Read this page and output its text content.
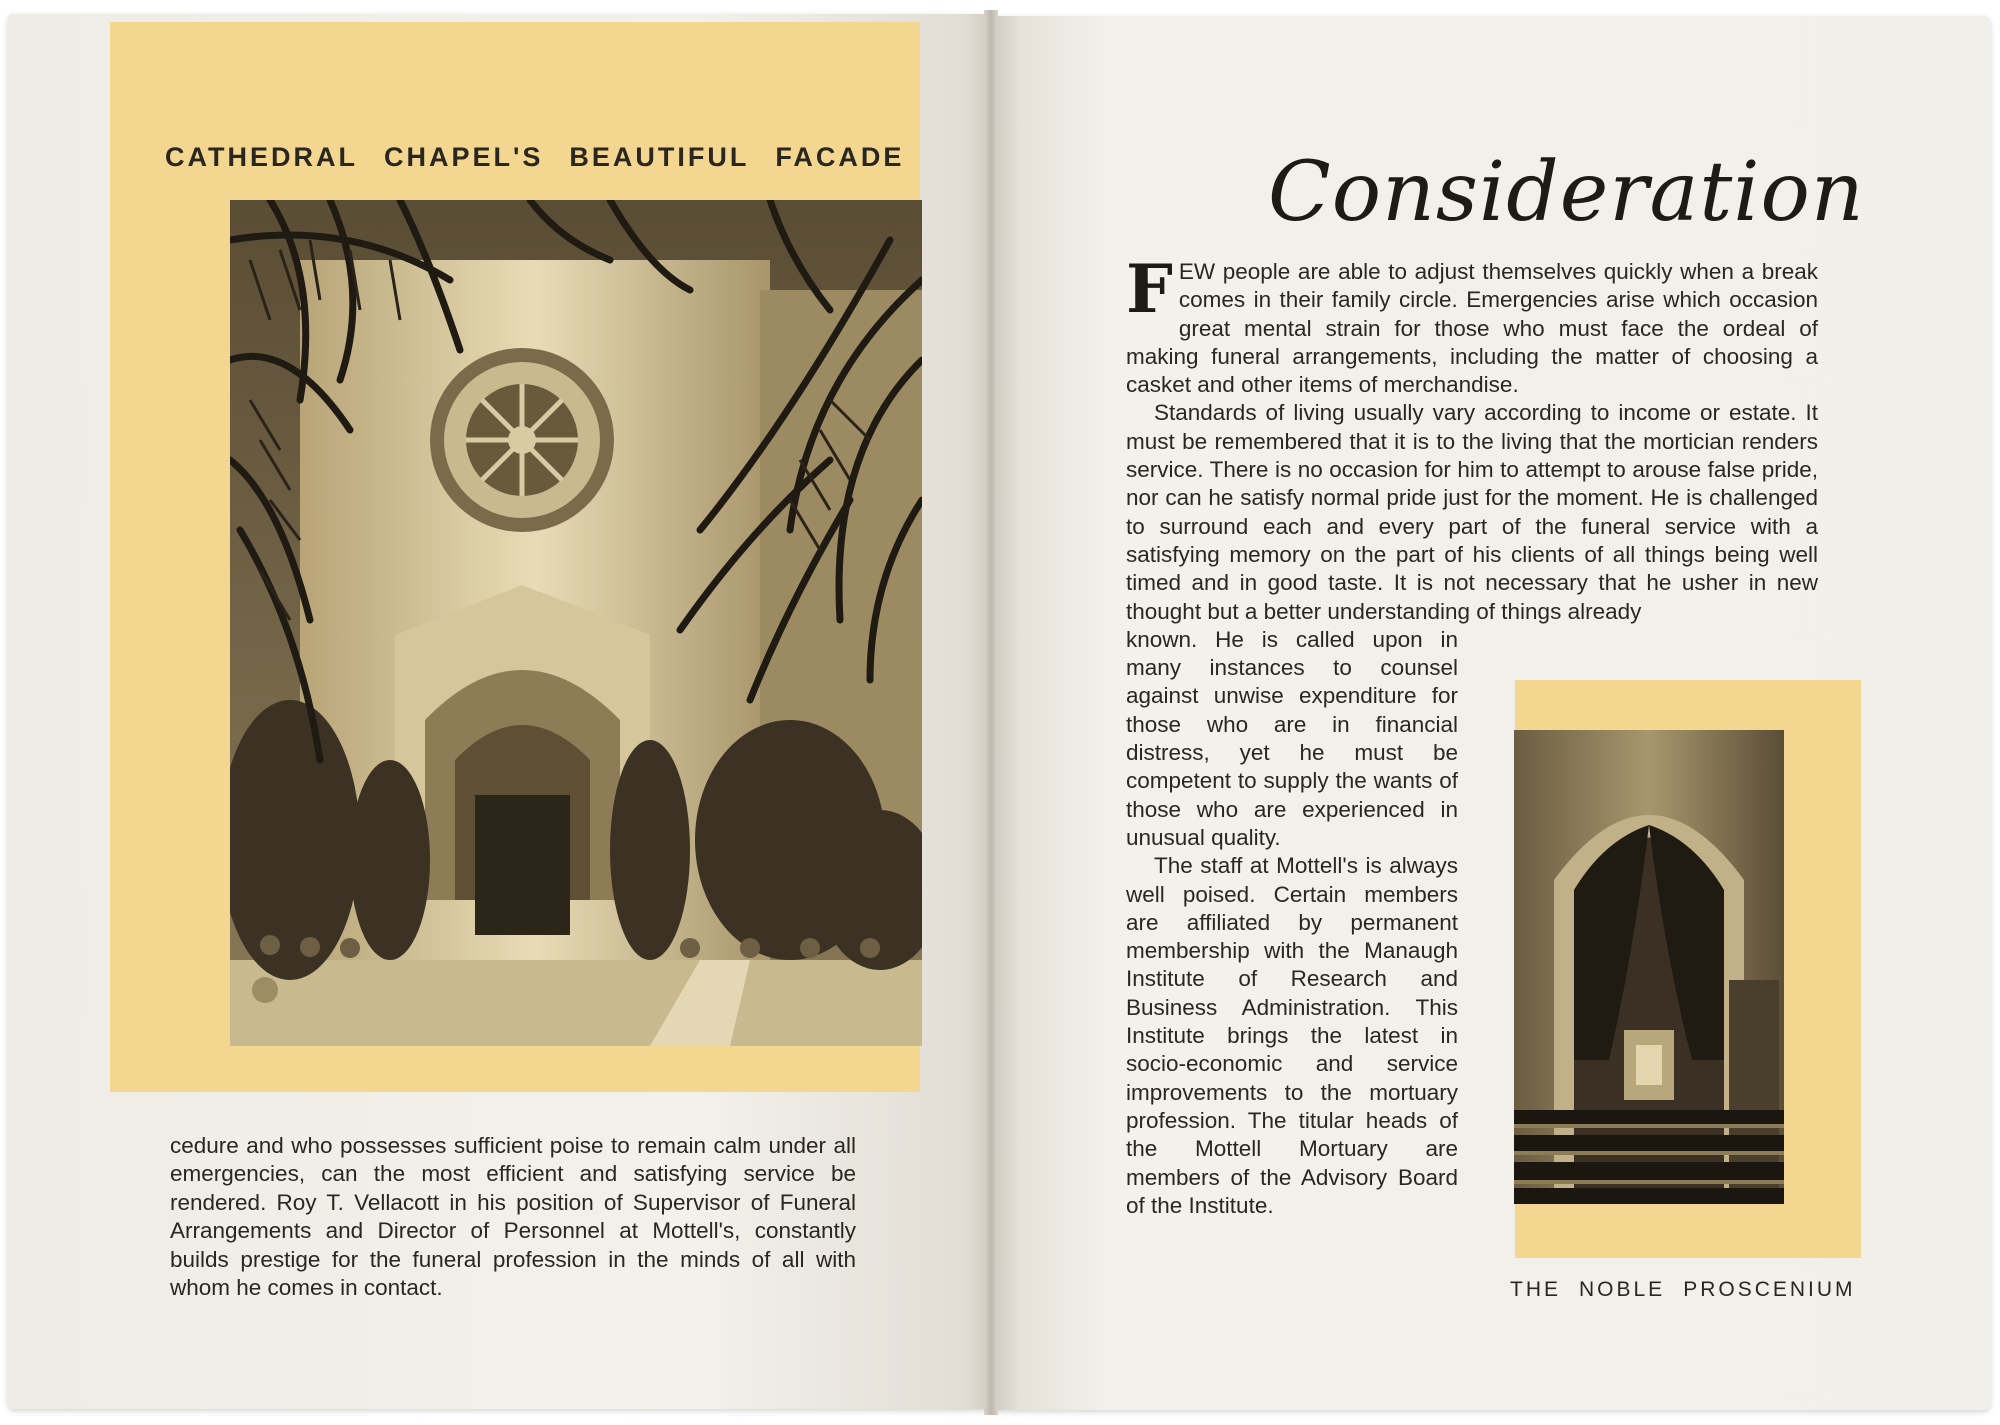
CATHEDRAL CHAPEL'S BEAUTIFUL FACADE
cedure and who possesses sufficient poise to remain calm under all emergencies, can the most efficient and satisfying service be rendered. Roy T. Vellacott in his position of Supervisor of Funeral Arrangements and Director of Personnel at Mottell's, constantly builds prestige for the funeral profession in the minds of all with whom he comes in contact.
Consideration

FEW people are able to adjust themselves quickly when a break comes in their family circle. Emergencies arise which occasion great mental strain for those who must face the ordeal of making funeral arrangements, including the matter of choosing a casket and other items of merchandise.

Standards of living usually vary according to income or estate. It must be remembered that it is to the living that the mortician renders service. There is no occasion for him to attempt to arouse false pride, nor can he satisfy normal pride just for the moment. He is challenged to surround each and every part of the funeral service with a satisfying memory on the part of his clients of all things being well timed and in good taste. It is not necessary that he usher in new thought but a better understanding of things already

known. He is called upon in many instances to counsel against unwise expenditure for those who are in financial distress, yet he must be competent to supply the wants of those who are experienced in unusual quality.

The staff at Mottell's is always well poised. Certain members are affiliated by permanent membership with the Manaugh Institute of Research and Business Administration. This Institute brings the latest in socio-economic and service improvements to the mortuary profession. The titular heads of the Mottell Mortuary are members of the Advisory Board of the Institute.

THE NOBLE PROSCENIUM
